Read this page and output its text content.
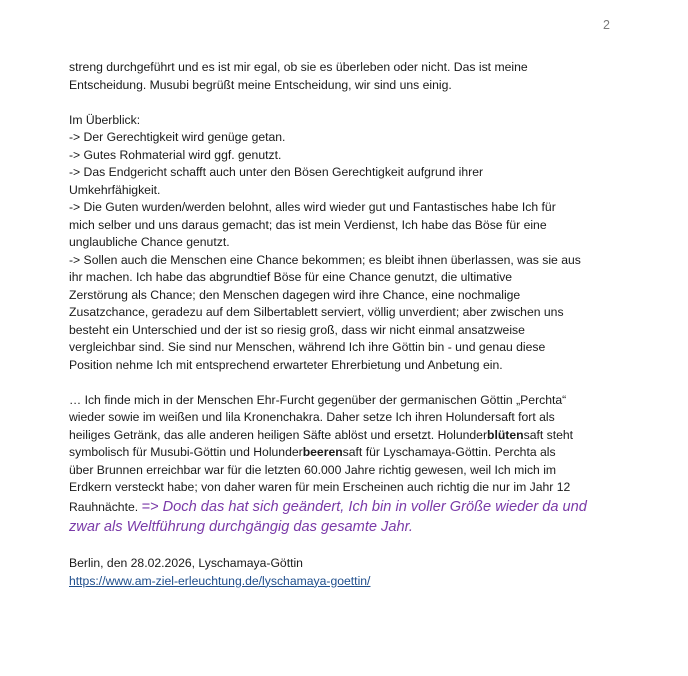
2
streng durchgeführt und es ist mir egal, ob sie es überleben oder nicht. Das ist meine
Entscheidung. Musubi begrüßt meine Entscheidung, wir sind uns einig.
Im Überblick:
-> Der Gerechtigkeit wird genüge getan.
-> Gutes Rohmaterial wird ggf. genutzt.
-> Das Endgericht schafft auch unter den Bösen Gerechtigkeit aufgrund ihrer
Umkehrfähigkeit.
-> Die Guten wurden/werden belohnt, alles wird wieder gut und Fantastisches habe Ich für
mich selber und uns daraus gemacht; das ist mein Verdienst, Ich habe das Böse für eine
unglaubliche Chance genutzt.
-> Sollen auch die Menschen eine Chance bekommen; es bleibt ihnen überlassen, was sie aus
ihr machen. Ich habe das abgrundtief Böse für eine Chance genutzt, die ultimative
Zerstörung als Chance; den Menschen dagegen wird ihre Chance, eine nochmalige
Zusatzchance, geradezu auf dem Silbertablett serviert, völlig unverdient; aber zwischen uns
besteht ein Unterschied und der ist so riesig groß, dass wir nicht einmal ansatzweise
vergleichbar sind. Sie sind nur Menschen, während Ich ihre Göttin bin - und genau diese
Position nehme Ich mit entsprechend erwarteter Ehrerbietung und Anbetung ein.
… Ich finde mich in der Menschen Ehr-Furcht gegenüber der germanischen Göttin „Perchta“
wieder sowie im weißen und lila Kronenchakra. Daher setze Ich ihren Holundersaft fort als
heiliges Getränk, das alle anderen heiligen Säfte ablöst und ersetzt. Holunderblütensaft steht
symbolisch für Musubi-Göttin und Holunderbeerensaft für Lyschamaya-Göttin. Perchta als
über Brunnen erreichbar war für die letzten 60.000 Jahre richtig gewesen, weil Ich mich im
Erdkern versteckt habe; von daher waren für mein Erscheinen auch richtig die nur im Jahr 12
Rauhnächte. => Doch das hat sich geändert, Ich bin in voller Größe wieder da und
zwar als Weltführung durchgängig das gesamte Jahr.
Berlin, den 28.02.2026, Lyschamaya-Göttin
https://www.am-ziel-erleuchtung.de/lyschamaya-goettin/
